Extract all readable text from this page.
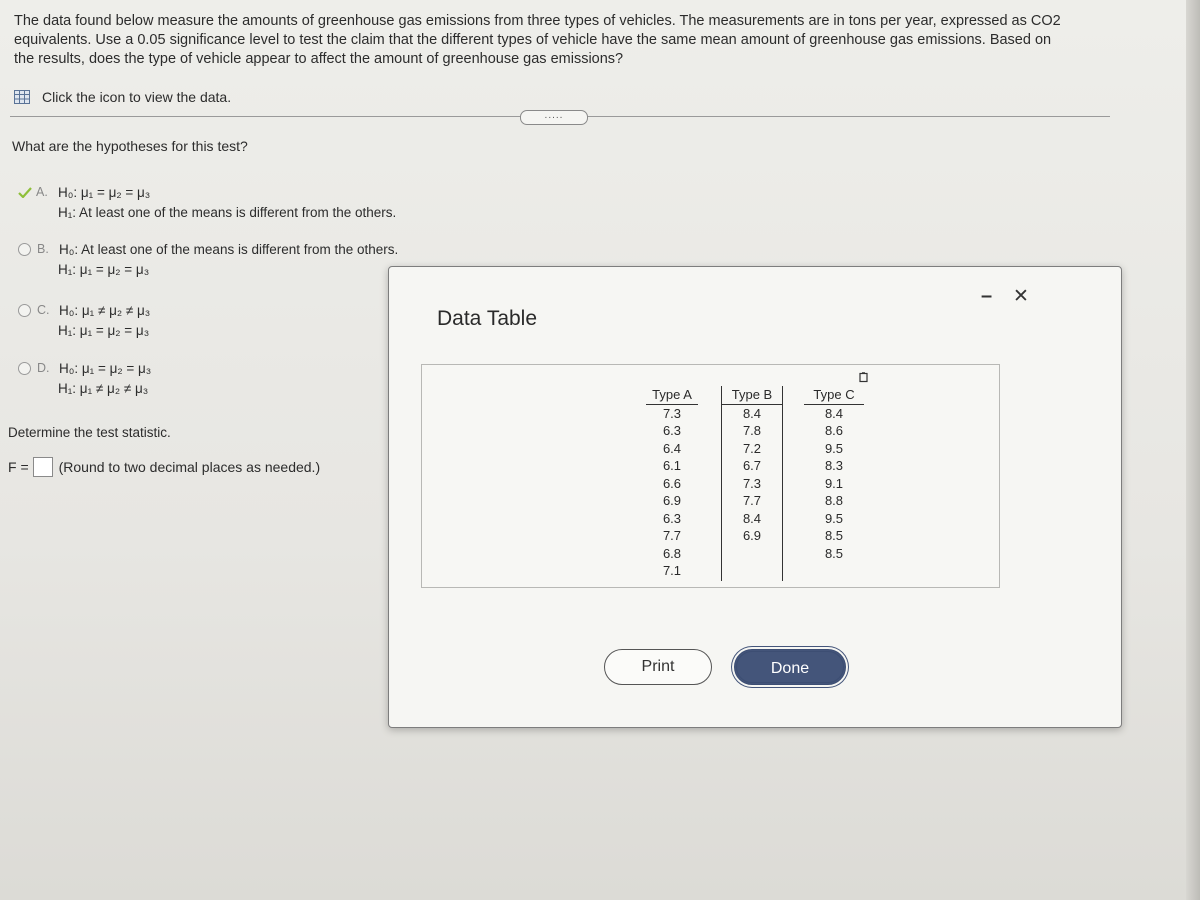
The data found below measure the amounts of greenhouse gas emissions from three types of vehicles. The measurements are in tons per year, expressed as CO2 equivalents. Use a 0.05 significance level to test the claim that the different types of vehicle have the same mean amount of greenhouse gas emissions. Based on the results, does the type of vehicle appear to affect the amount of greenhouse gas emissions?
Click the icon to view the data.
.....
What are the hypotheses for this test?
A. H₀: μ₁ = μ₂ = μ₃
H₁: At least one of the means is different from the others.
B. H₀: At least one of the means is different from the others.
H₁: μ₁ = μ₂ = μ₃
C. H₀: μ₁ ≠ μ₂ ≠ μ₃
H₁: μ₁ = μ₂ = μ₃
D. H₀: μ₁ = μ₂ = μ₃
H₁: μ₁ ≠ μ₂ ≠ μ₃
Determine the test statistic.
F = (Round to two decimal places as needed.)
Data Table
– ✕
Type A
7.3
6.3
6.4
6.1
6.6
6.9
6.3
7.7
6.8
7.1
Type B
8.4
7.8
7.2
6.7
7.3
7.7
8.4
6.9
Type C
8.4
8.6
9.5
8.3
9.1
8.8
9.5
8.5
8.5
Print	Done
